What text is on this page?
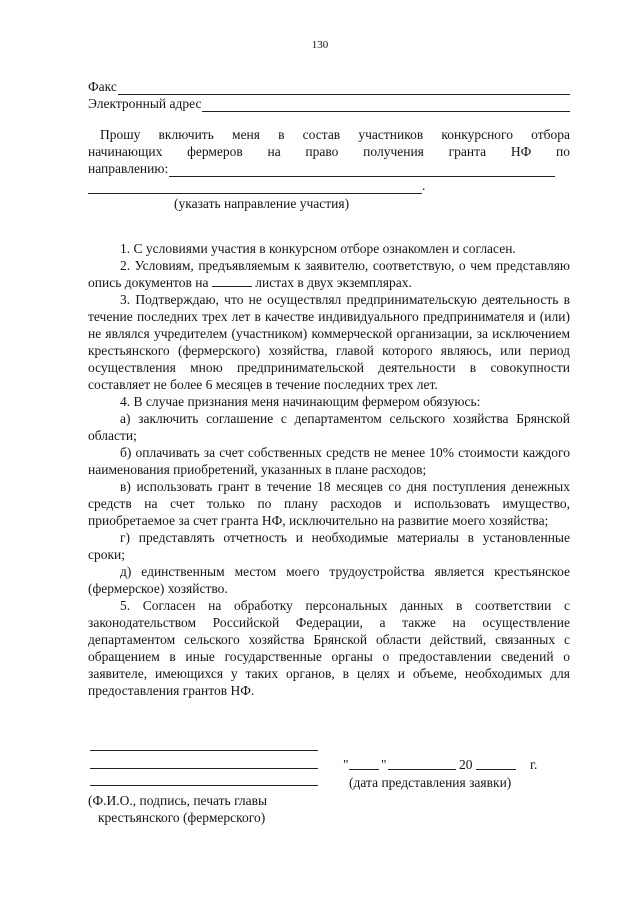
130
Факс
Электронный адрес
Прошу включить меня в состав участников конкурсного отбора
начинающих фермеров на право получения гранта НФ по
направлению:
.
(указать направление участия)

1. С условиями участия в конкурсном отборе ознакомлен и согласен.

2. Условиям, предъявляемым к заявителю, соответствую, о чем представляю опись документов на	листах в двух экземплярах.

3. Подтверждаю, что не осуществлял предпринимательскую деятельность в течение последних трех лет в качестве индивидуального предпринимателя и (или) не являлся учредителем (участником) коммерческой организации, за исключением крестьянского (фермерского) хозяйства, главой которого являюсь, или период осуществления мною предпринимательской деятельности в совокупности составляет не более 6 месяцев в течение последних трех лет.

4. В случае признания меня начинающим фермером обязуюсь:

а) заключить соглашение с департаментом сельского хозяйства Брянской области;

б) оплачивать за счет собственных средств не менее 10% стоимости каждого наименования приобретений, указанных в плане расходов;

в) использовать грант в течение 18 месяцев со дня поступления денежных средств на счет только по плану расходов и использовать имущество, приобретаемое за счет гранта НФ, исключительно на развитие моего хозяйства;

г) представлять отчетность и необходимые материалы в установленные сроки;

д) единственным местом моего трудоустройства является крестьянское (фермерское) хозяйство.

5. Согласен на обработку персональных данных в соответствии с законодательством Российской Федерации, а также на осуществление департаментом сельского хозяйства Брянской области действий, связанных с обращением в иные государственные органы о предоставлении сведений о заявителе, имеющихся у таких органов, в целях и объеме, необходимых для предоставления грантов НФ.

" "	20	г.
(дата представления заявки)
(Ф.И.О., подпись, печать главы
крестьянского (фермерского)
